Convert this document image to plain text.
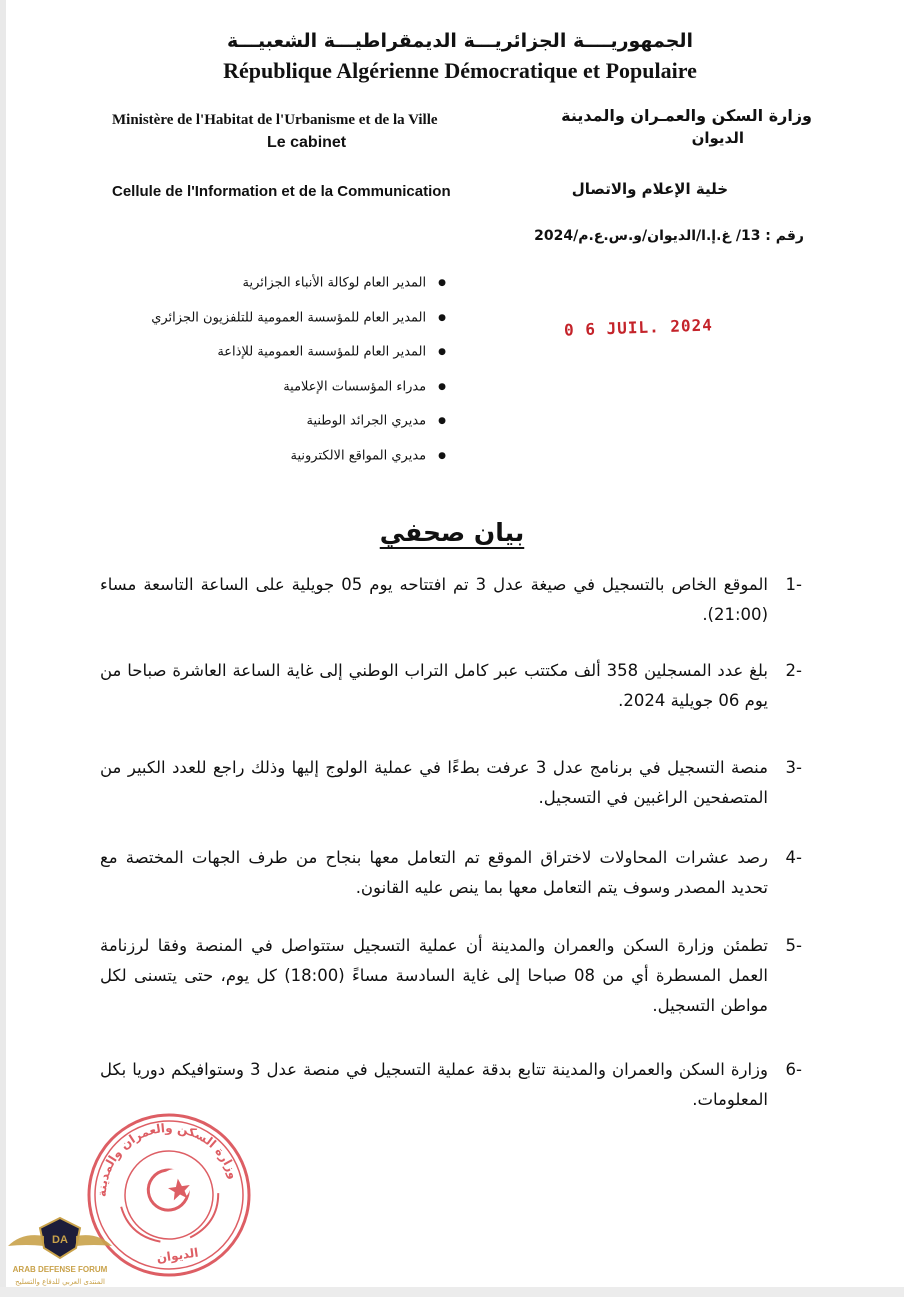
الجمهوريــــة الجزائريـــة الديمقراطيـــة الشعبيـــة
République Algérienne Démocratique et Populaire
Ministère de l'Habitat de l'Urbanisme et de la Ville
Le cabinet
Cellule de l'Information et de la Communication
وزارة السكن والعمـران والمدينة
الديوان
خلية الإعلام والاتصال
رقم : 13/ غ.إ.ا/الديوان/و.س.ع.م/2024
0 6 JUIL. 2024
● المدير العام لوكالة الأنباء الجزائرية
● المدير العام للمؤسسة العمومية للتلفزيون الجزائري
● المدير العام للمؤسسة العمومية للإذاعة
● مدراء المؤسسات الإعلامية
● مديري الجرائد الوطنية
● مديري المواقع الالكترونية
بيان صحفي
-1
الموقع الخاص بالتسجيل في صيغة عدل 3 تم افتتاحه يوم 05 جويلية على الساعة التاسعة مساء (21:00).
-2
بلغ عدد المسجلين 358 ألف مكتتب عبر كامل التراب الوطني إلى غاية الساعة العاشرة صباحا من يوم 06 جويلية 2024.
-3
منصة التسجيل في برنامج عدل 3 عرفت بطءًا في عملية الولوج إليها وذلك راجع للعدد الكبير من المتصفحين الراغبين في التسجيل.
-4
رصد عشرات المحاولات لاختراق الموقع تم التعامل معها بنجاح من طرف الجهات المختصة مع تحديد المصدر وسوف يتم التعامل معها بما ينص عليه القانون.
-5
تطمئن وزارة السكن والعمران والمدينة أن عملية التسجيل ستتواصل في المنصة وفقا لرزنامة العمل المسطرة أي من 08 صباحا إلى غاية السادسة مساءً (18:00) كل يوم، حتى يتسنى لكل مواطن التسجيل.
-6
وزارة السكن والعمران والمدينة تتابع بدقة عملية التسجيل في منصة عدل 3 وستوافيكم دوريا بكل المعلومات.
وزارة السكن والعمران والمدينة
الديوان
DA
ARAB DEFENSE FORUM
المنتدى العربي للدفاع والتسليح
